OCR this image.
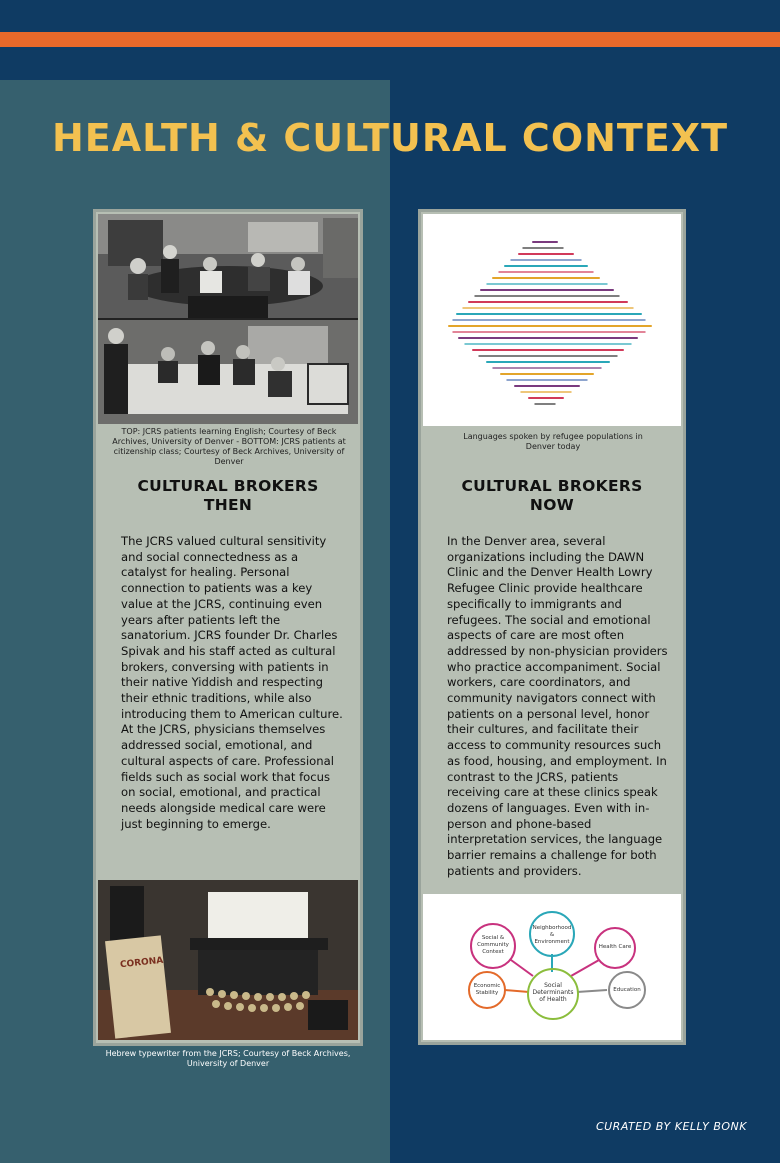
HEALTH & CULTURAL CONTEXT
TOP: JCRS patients learning English; Courtesy of Beck Archives, University of Denver - BOTTOM: JCRS patients at citizenship class; Courtesy of Beck Archives, University of Denver
CULTURAL BROKERS
THEN
The JCRS valued cultural sensitivity and social connectedness as a catalyst for healing. Personal connection to patients was a key value at the JCRS, continuing even years after patients left the sanatorium. JCRS founder Dr. Charles Spivak and his staff acted as cultural brokers, conversing with patients in their native Yiddish and respecting their ethnic traditions, while also introducing them to American culture. At the JCRS, physicians themselves addressed social, emotional, and cultural aspects of care. Professional fields such as social work that focus on social, emotional, and practical needs alongside medical care were just beginning to emerge.
CORONA
Hebrew typewriter from the JCRS; Courtesy of Beck Archives, University of Denver
Languages spoken by refugee populations in Denver today
CULTURAL BROKERS
NOW
In the Denver area, several organizations including the DAWN Clinic and the Denver Health Lowry Refugee Clinic provide healthcare specifically to immigrants and refugees. The social and emotional aspects of care are most often addressed by non-physician providers who practice accompaniment. Social workers, care coordinators, and community navigators connect with patients on a personal level, honor their cultures, and facilitate their access to community resources such as food, housing, and employment. In contrast to the JCRS, patients receiving care at these clinics speak dozens of languages. Even with in-person and phone-based interpretation services, the language barrier remains a challenge for both patients and providers.
Social Determinants of Health
Neighborhood & Environment
Health Care
Education
Economic Stability
Social & Community Context
CURATED BY KELLY BONK
